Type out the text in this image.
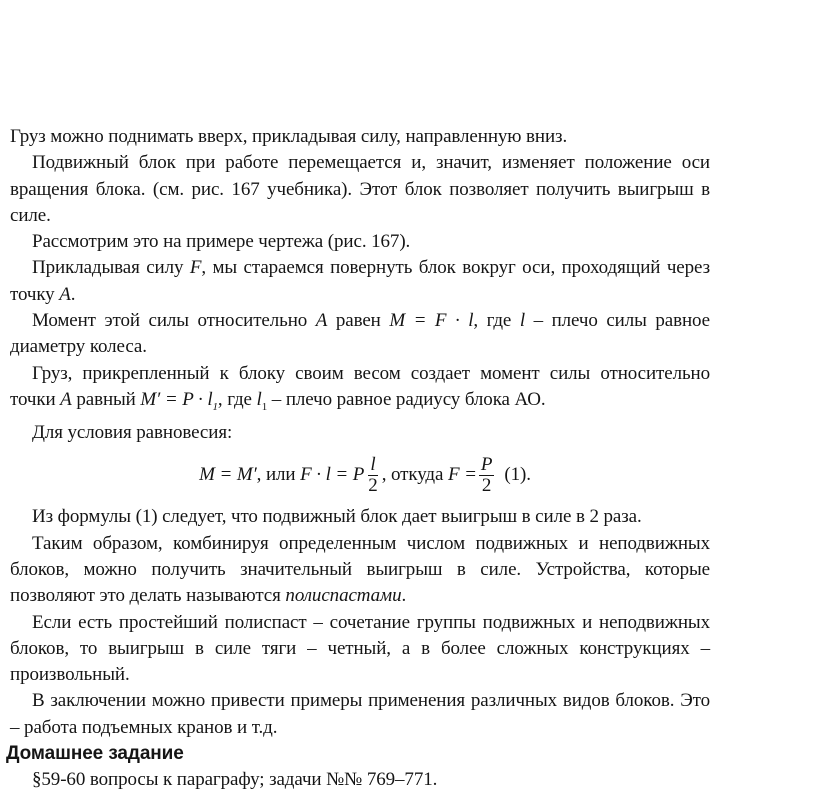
Груз можно поднимать вверх, прикладывая силу, направленную вниз.

Подвижный блок при работе перемещается и, значит, изменяет положение оси вращения блока. (см. рис. 167 учебника). Этот блок позволяет получить выигрыш в силе.

Рассмотрим это на примере чертежа (рис. 167).

Прикладывая силу F, мы стараемся повернуть блок вокруг оси, проходящий через точку A.

Момент этой силы относительно A равен M = F · l, где l – плечо силы равное диаметру колеса.

Груз, прикрепленный к блоку своим весом создает момент силы относительно точки A равный $M' = P \cdot l_1$, где $l_1$ – плечо равное радиусу блока АО.

Для условия равновесия:

M = M′ , или F · l = P $\frac{l}{2}$ , откуда $F = \frac{P}{2} (1)$.

Из формулы (1) следует, что подвижный блок дает выигрыш в силе в 2 раза.

Таким образом, комбинируя определенным числом подвижных и неподвижных блоков, можно получить значительный выигрыш в силе. Устройства, которые позволяют это делать называются полиспастами.

Если есть простейший полиспаст – сочетание группы подвижных и неподвижных блоков, то выигрыш в силе тяги – четный, а в более сложных конструкциях – произвольный.

В заключении можно привести примеры применения различных видов блоков. Это – работа подъемных кранов и т.д.

Домашнее задание

§59-60 вопросы к параграфу; задачи №№ 769–771.
